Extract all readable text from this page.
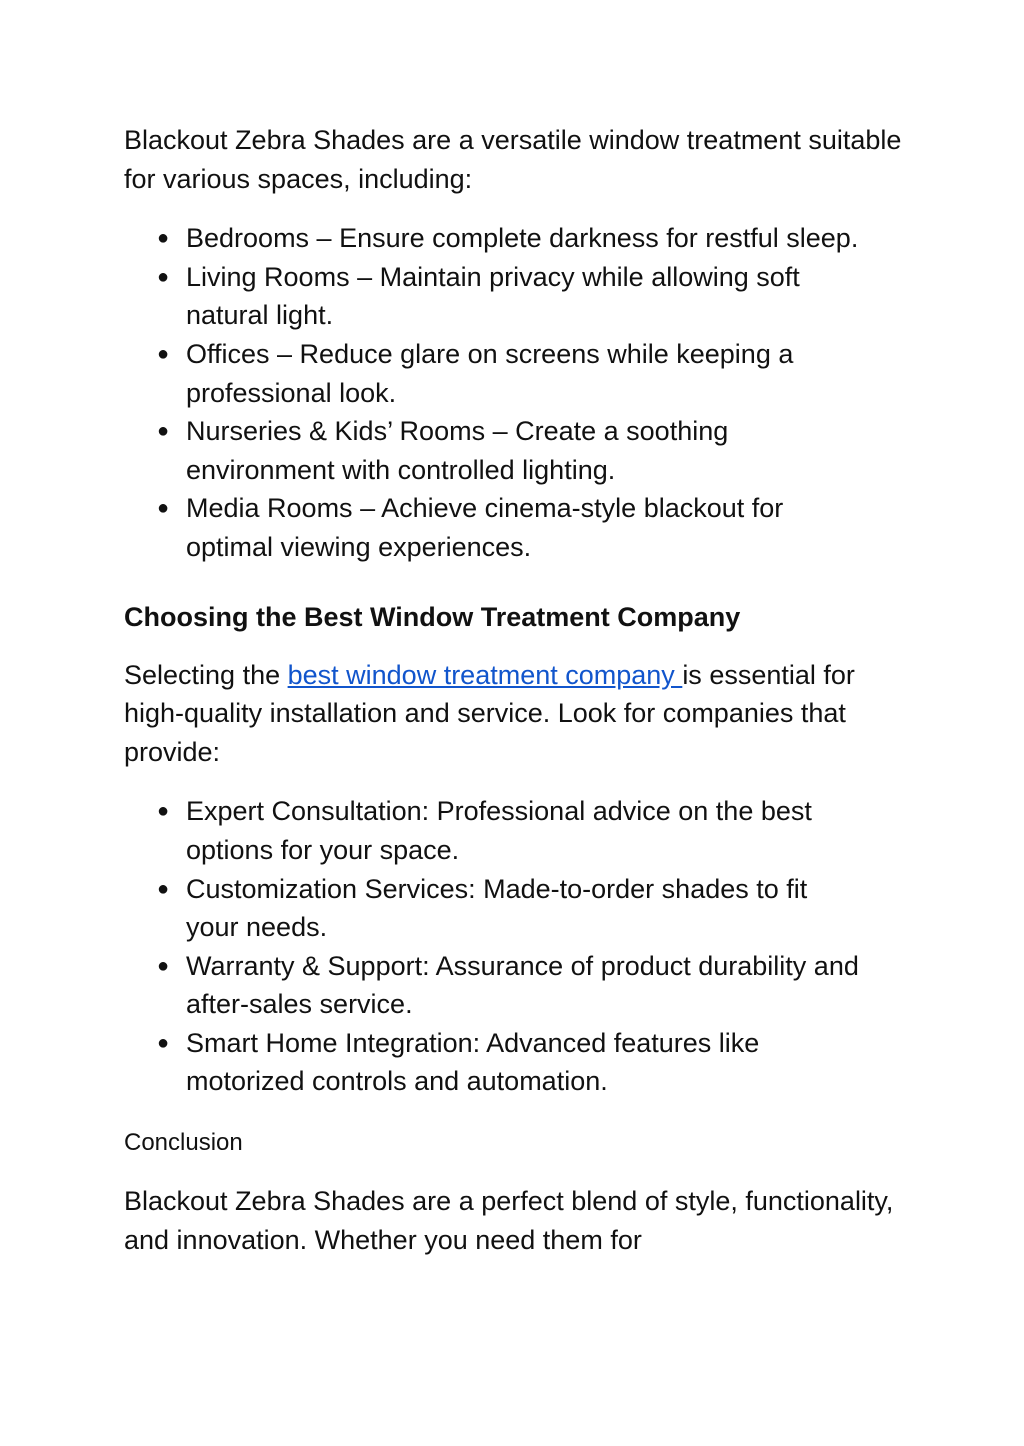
Blackout Zebra Shades are a versatile window treatment suitable for various spaces, including:

● Bedrooms – Ensure complete darkness for restful sleep.
● Living Rooms – Maintain privacy while allowing soft natural light.
● Offices – Reduce glare on screens while keeping a professional look.
● Nurseries & Kids’ Rooms – Create a soothing environment with controlled lighting.
● Media Rooms – Achieve cinema-style blackout for optimal viewing experiences.
Choosing the Best Window Treatment Company

Selecting the best window treatment company is essential for high-quality installation and service. Look for companies that provide:

● Expert Consultation: Professional advice on the best options for your space.
● Customization Services: Made-to-order shades to fit your needs.
● Warranty & Support: Assurance of product durability and after-sales service.
● Smart Home Integration: Advanced features like motorized controls and automation.

Conclusion

Blackout Zebra Shades are a perfect blend of style, functionality, and innovation. Whether you need them for
